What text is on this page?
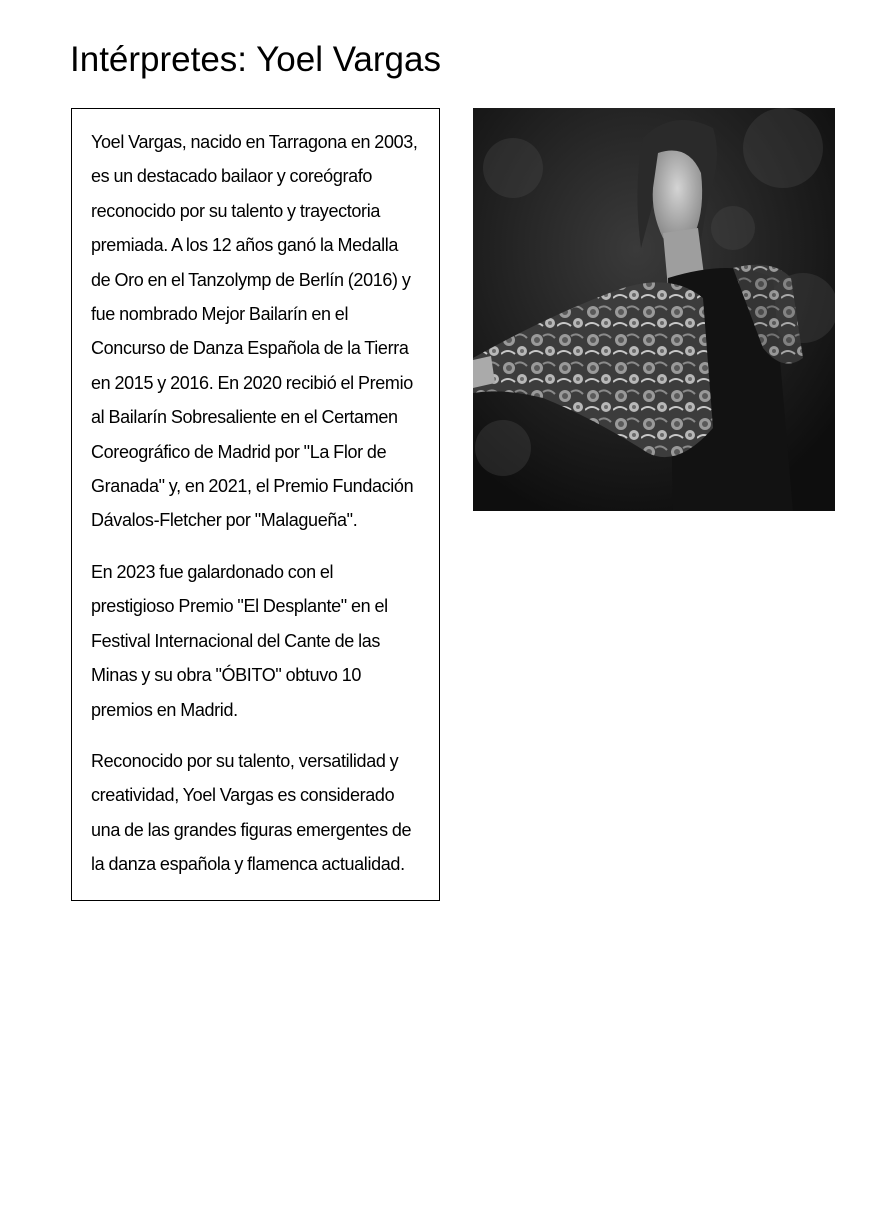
Intérpretes: Yoel Vargas

Yoel Vargas, nacido en Tarragona en 2003, es un destacado bailaor y coreógrafo reconocido por su talento y trayectoria premiada. A los 12 años ganó la Medalla de Oro en el Tanzolymp de Berlín (2016) y fue nombrado Mejor Bailarín en el Concurso de Danza Española de la Tierra en 2015 y 2016. En 2020 recibió el Premio al Bailarín Sobresaliente en el Certamen Coreográfico de Madrid por "La Flor de Granada" y, en 2021, el Premio Fundación Dávalos-Fletcher por "Malagueña".

En 2023 fue galardonado con el prestigioso Premio "El Desplante" en el Festival Internacional del Cante de las Minas y su obra "ÓBITO" obtuvo 10 premios en Madrid.

Reconocido por su talento, versatilidad y creatividad, Yoel Vargas es considerado una de las grandes figuras emergentes de la danza española y flamenca actualidad.
